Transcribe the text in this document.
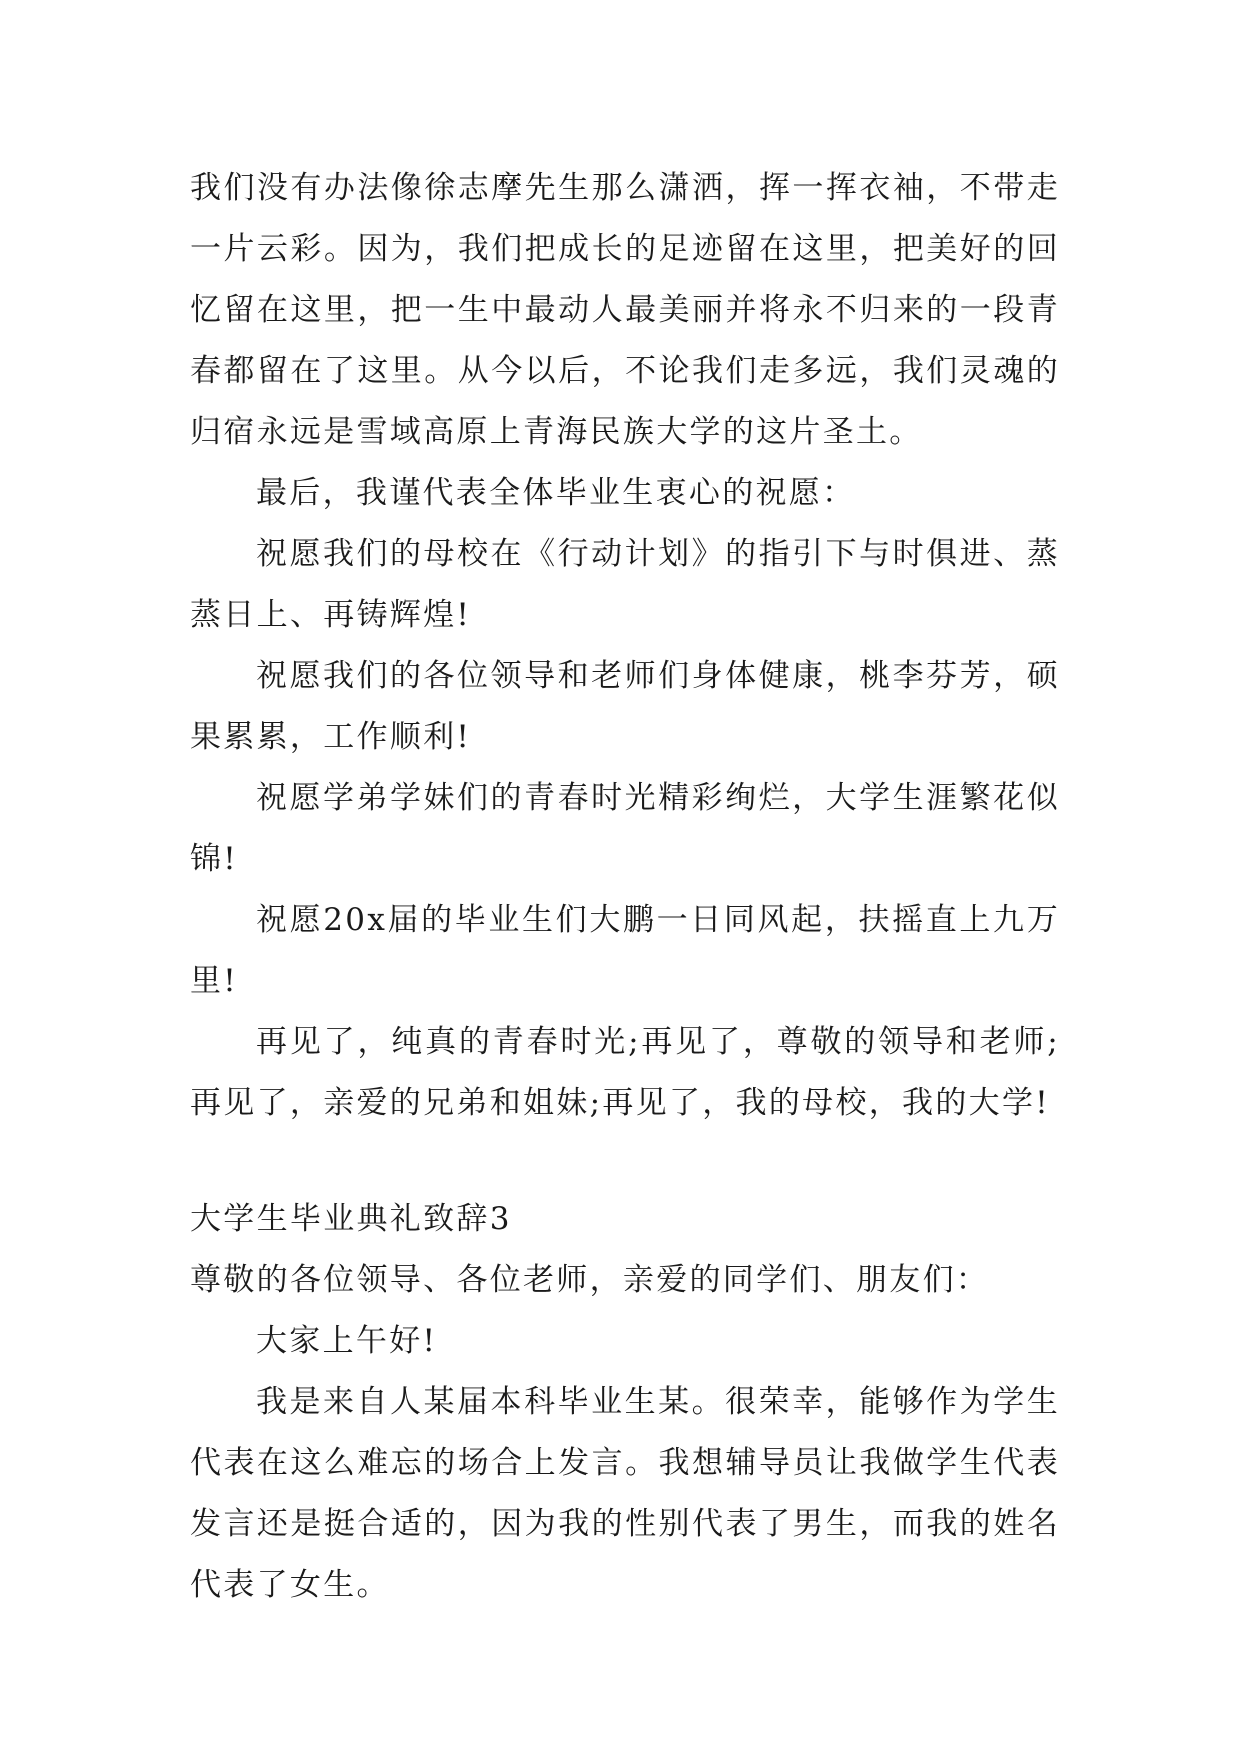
我们没有办法像徐志摩先生那么潇洒，挥一挥衣袖，不带走一片云彩。因为，我们把成长的足迹留在这里，把美好的回忆留在这里，把一生中最动人最美丽并将永不归来的一段青春都留在了这里。从今以后，不论我们走多远，我们灵魂的归宿永远是雪域高原上青海民族大学的这片圣土。

最后，我谨代表全体毕业生衷心的祝愿：

祝愿我们的母校在《行动计划》的指引下与时俱进、蒸蒸日上、再铸辉煌!

祝愿我们的各位领导和老师们身体健康，桃李芬芳，硕果累累，工作顺利!

祝愿学弟学妹们的青春时光精彩绚烂，大学生涯繁花似锦!

祝愿20x届的毕业生们大鹏一日同风起，扶摇直上九万里!

再见了，纯真的青春时光;再见了，尊敬的领导和老师;再见了，亲爱的兄弟和姐妹;再见了，我的母校，我的大学!

大学生毕业典礼致辞3

尊敬的各位领导、各位老师，亲爱的同学们、朋友们：

大家上午好!

我是来自人某届本科毕业生某。很荣幸，能够作为学生代表在这么难忘的场合上发言。我想辅导员让我做学生代表发言还是挺合适的，因为我的性别代表了男生，而我的姓名代表了女生。
